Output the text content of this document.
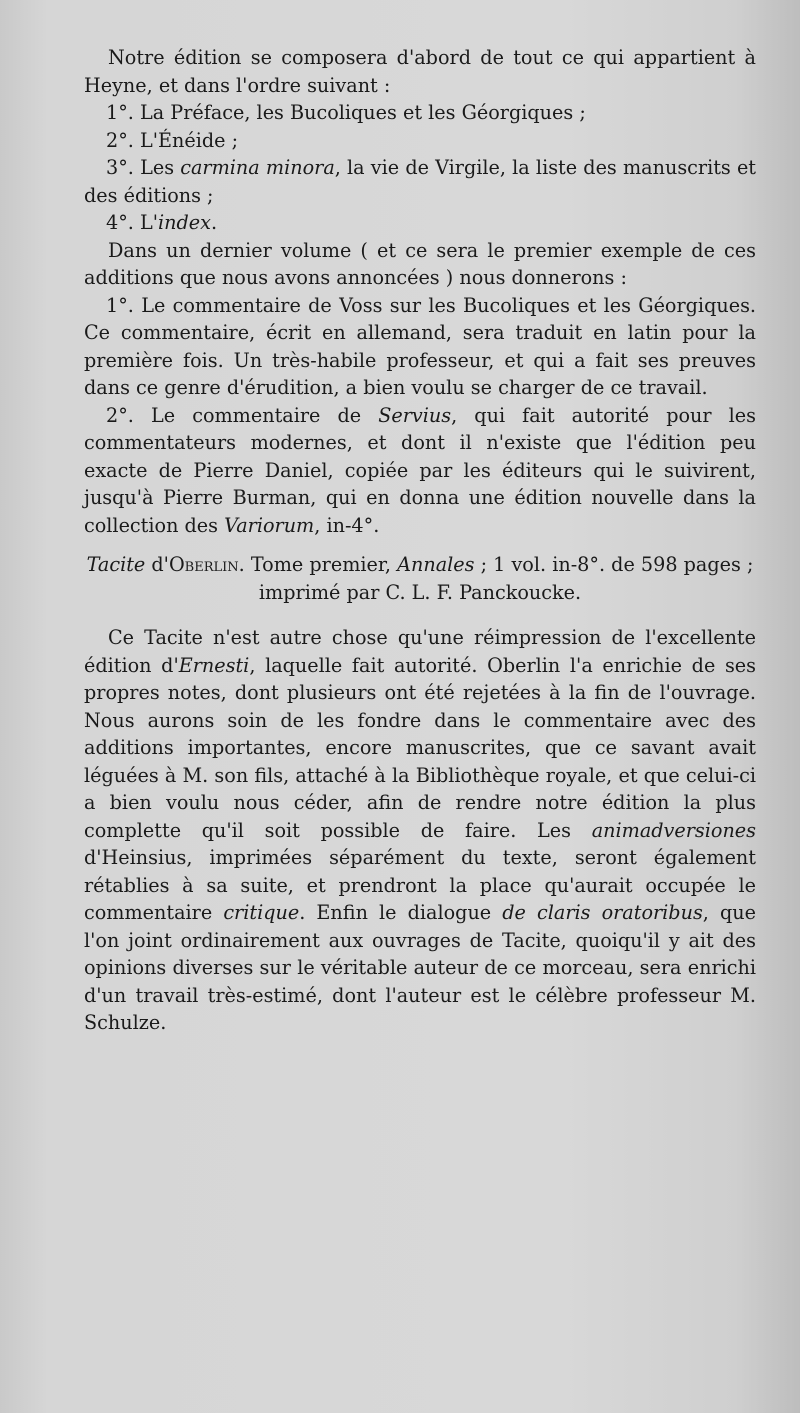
Notre édition se composera d'abord de tout ce qui appartient à Heyne, et dans l'ordre suivant :

1°. La Préface, les Bucoliques et les Géorgiques ;

2°. L'Énéide ;

3°. Les carmina minora, la vie de Virgile, la liste des manuscrits et des éditions ;

4°. L'index.

Dans un dernier volume ( et ce sera le premier exemple de ces additions que nous avons annoncées ) nous donnerons :

1°. Le commentaire de Voss sur les Bucoliques et les Géorgiques. Ce commentaire, écrit en allemand, sera traduit en latin pour la première fois. Un très-habile professeur, et qui a fait ses preuves dans ce genre d'érudition, a bien voulu se charger de ce travail.

2°. Le commentaire de Servius, qui fait autorité pour les commentateurs modernes, et dont il n'existe que l'édition peu exacte de Pierre Daniel, copiée par les éditeurs qui le suivirent, jusqu'à Pierre Burman, qui en donna une édition nouvelle dans la collection des Variorum, in-4°.

Tacite d'Oberlin. Tome premier, Annales ; 1 vol. in-8°. de 598 pages ;

imprimé par C. L. F. Panckoucke.

Ce Tacite n'est autre chose qu'une réimpression de l'excellente édition d'Ernesti, laquelle fait autorité. Oberlin l'a enrichie de ses propres notes, dont plusieurs ont été rejetées à la fin de l'ouvrage. Nous aurons soin de les fondre dans le commentaire avec des additions importantes, encore manuscrites, que ce savant avait léguées à M. son fils, attaché à la Bibliothèque royale, et que celui-ci a bien voulu nous céder, afin de rendre notre édition la plus complette qu'il soit possible de faire. Les animadversiones d'Heinsius, imprimées séparément du texte, seront également rétablies à sa suite, et prendront la place qu'aurait occupée le commentaire critique. Enfin le dialogue de claris oratoribus, que l'on joint ordinairement aux ouvrages de Tacite, quoiqu'il y ait des opinions diverses sur le véritable auteur de ce morceau, sera enrichi d'un travail très-estimé, dont l'auteur est le célèbre professeur M. Schulze.
